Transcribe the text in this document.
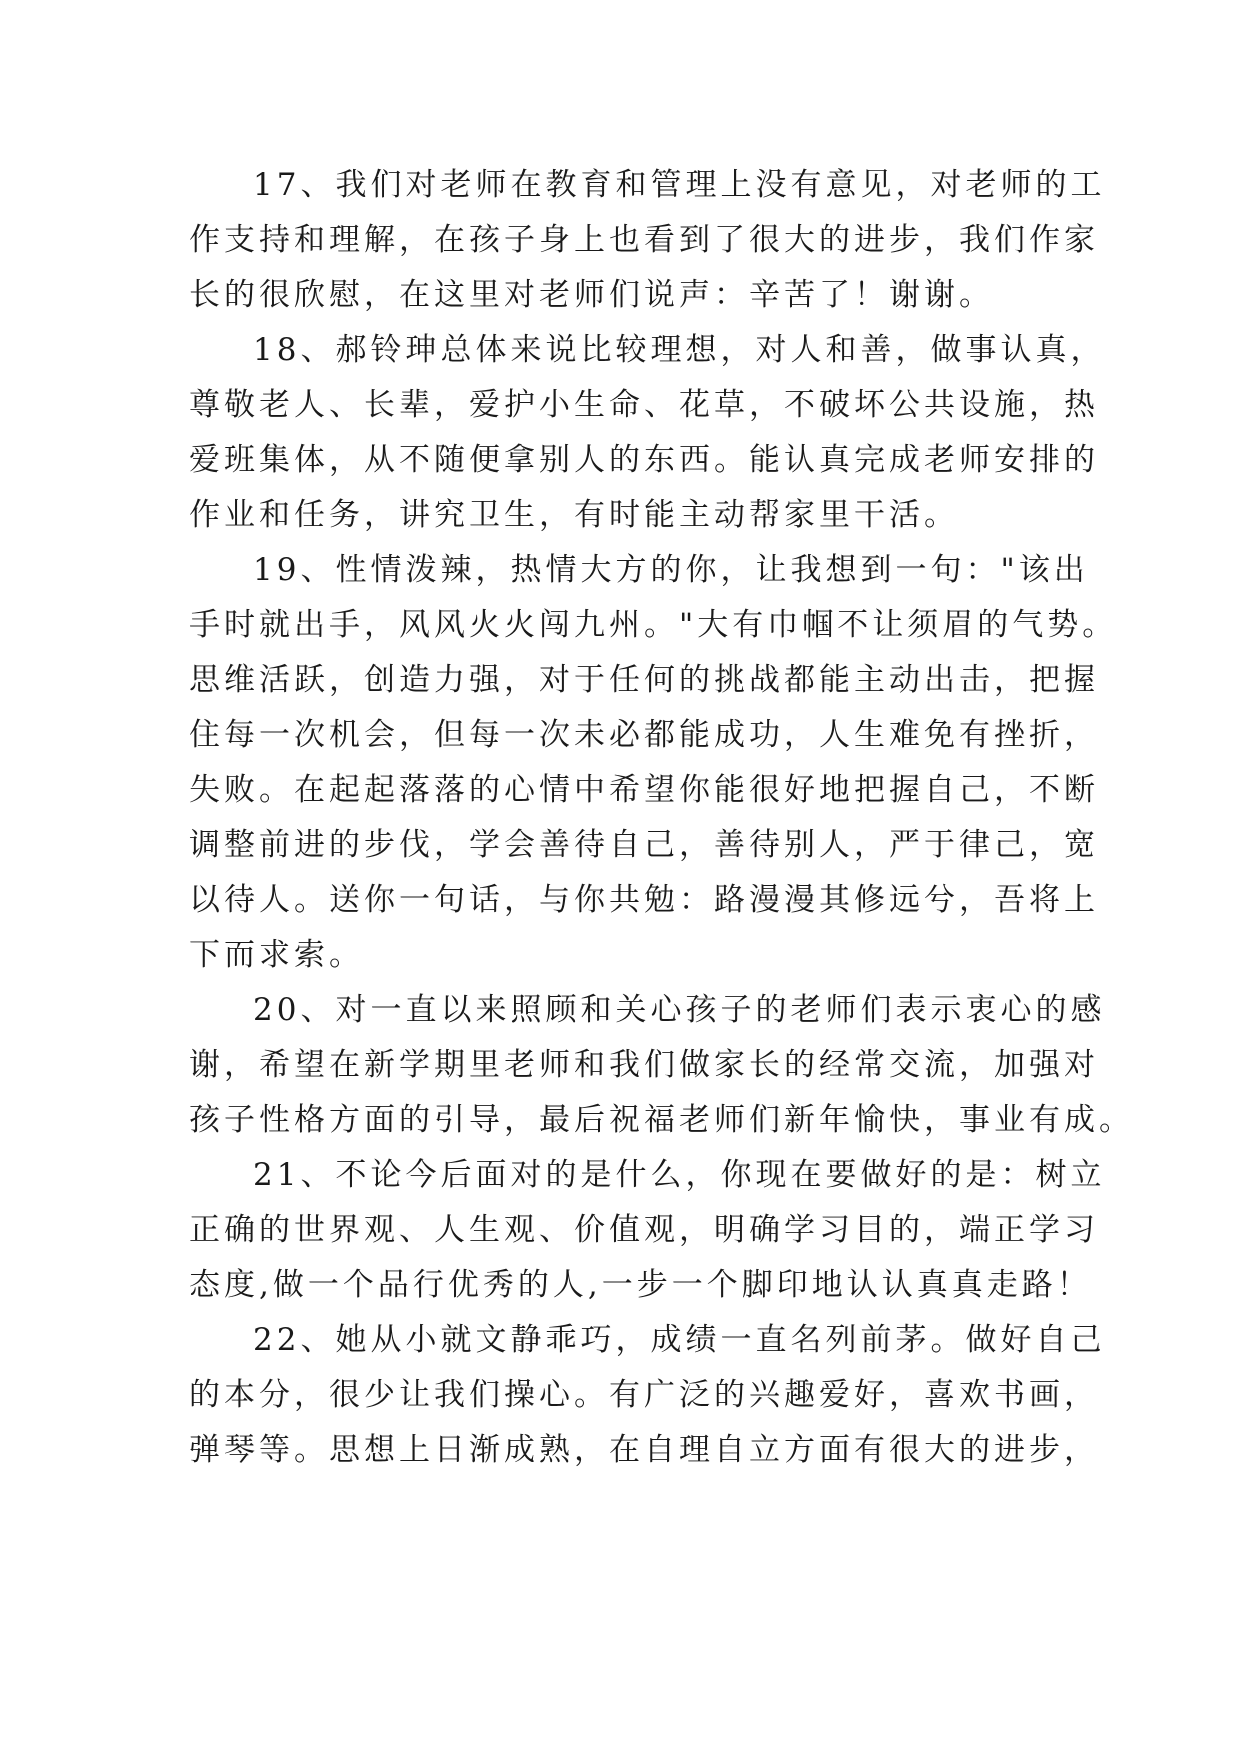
17、我们对老师在教育和管理上没有意见，对老师的工
作支持和理解，在孩子身上也看到了很大的进步，我们作家
长的很欣慰，在这里对老师们说声：辛苦了！谢谢。
18、郝铃珅总体来说比较理想，对人和善，做事认真，
尊敬老人、长辈，爱护小生命、花草，不破坏公共设施，热
爱班集体，从不随便拿别人的东西。能认真完成老师安排的
作业和任务，讲究卫生，有时能主动帮家里干活。
19、性情泼辣，热情大方的你，让我想到一句："该出
手时就出手，风风火火闯九州。"大有巾帼不让须眉的气势。
思维活跃，创造力强，对于任何的挑战都能主动出击，把握
住每一次机会，但每一次未必都能成功，人生难免有挫折，
失败。在起起落落的心情中希望你能很好地把握自己，不断
调整前进的步伐，学会善待自己，善待别人，严于律己，宽
以待人。送你一句话，与你共勉：路漫漫其修远兮，吾将上
下而求索。
20、对一直以来照顾和关心孩子的老师们表示衷心的感
谢，希望在新学期里老师和我们做家长的经常交流，加强对
孩子性格方面的引导，最后祝福老师们新年愉快，事业有成。
21、不论今后面对的是什么，你现在要做好的是：树立
正确的世界观、人生观、价值观，明确学习目的，端正学习
态度,做一个品行优秀的人,一步一个脚印地认认真真走路！
22、她从小就文静乖巧，成绩一直名列前茅。做好自己
的本分，很少让我们操心。有广泛的兴趣爱好，喜欢书画，
弹琴等。思想上日渐成熟，在自理自立方面有很大的进步，
